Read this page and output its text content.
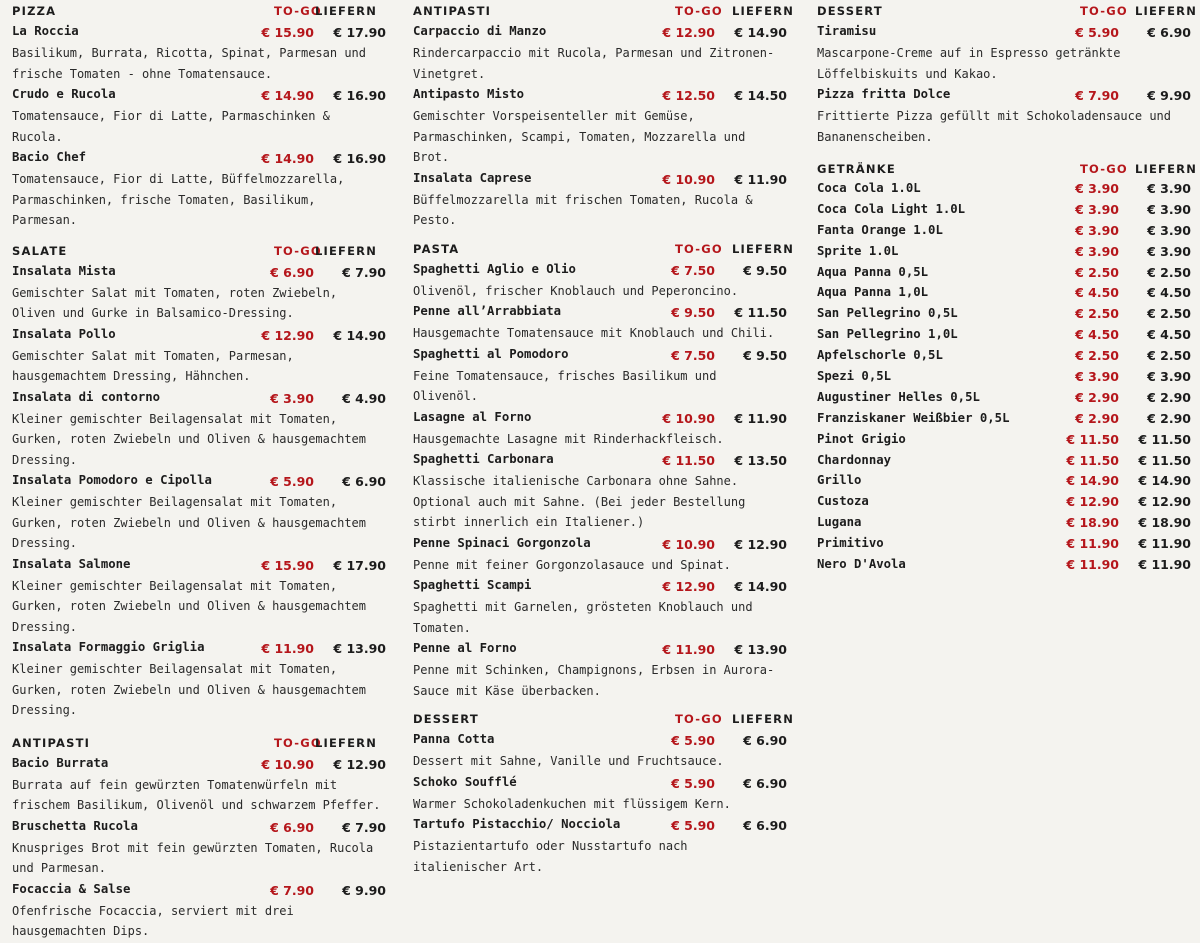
PIZZA	TO-GO
LIEFERN
La Roccia	€ 15.90 € 17.90

Basilikum, Burrata, Ricotta, Spinat, Parmesan und frische Tomaten - ohne Tomatensauce.

Crudo e Rucola	€ 14.90 € 16.90

Tomatensauce, Fior di Latte, Parmaschinken & Rucola.

Bacio Chef	€ 14.90 € 16.90

Tomatensauce, Fior di Latte, Büffelmozzarella, Parmaschinken, frische Tomaten, Basilikum, Parmesan.

SALATE	TO-GO
LIEFERN
Insalata Mista	€ 6.90 € 7.90

Gemischter Salat mit Tomaten, roten Zwiebeln, Oliven und Gurke in Balsamico-Dressing.

Insalata Pollo	€ 12.90 € 14.90

Gemischter Salat mit Tomaten, Parmesan, hausgemachtem Dressing, Hähnchen.

Insalata di contorno	€ 3.90 € 4.90

Kleiner gemischter Beilagensalat mit Tomaten, Gurken, roten Zwiebeln und Oliven & hausgemachtem Dressing.

Insalata Pomodoro e Cipolla	€ 5.90 € 6.90

Kleiner gemischter Beilagensalat mit Tomaten, Gurken, roten Zwiebeln und Oliven & hausgemachtem Dressing.

Insalata Salmone	€ 15.90 € 17.90

Kleiner gemischter Beilagensalat mit Tomaten, Gurken, roten Zwiebeln und Oliven & hausgemachtem Dressing.

Insalata Formaggio Griglia	€ 11.90 € 13.90

Kleiner gemischter Beilagensalat mit Tomaten, Gurken, roten Zwiebeln und Oliven & hausgemachtem Dressing.

ANTIPASTI	TO-GO
LIEFERN
Bacio Burrata	€ 10.90 € 12.90

Burrata auf fein gewürzten Tomatenwürfeln mit frischem Basilikum, Olivenöl und schwarzem Pfeffer.

Bruschetta Rucola	€ 6.90 € 7.90

Knuspriges Brot mit fein gewürzten Tomaten, Rucola und Parmesan.

Focaccia & Salse	€ 7.90 € 9.90

Ofenfrische Focaccia, serviert mit drei hausgemachten Dips.

ANTIPASTI	TO-GO LIEFERN
Carpaccio di Manzo	€ 12.90 € 14.90

Rindercarpaccio mit Rucola, Parmesan und Zitronen-Vinetgret.

Antipasto Misto	€ 12.50 € 14.50

Gemischter Vorspeisenteller mit Gemüse, Parmaschinken, Scampi, Tomaten, Mozzarella und Brot.

Insalata Caprese	€ 10.90 € 11.90

Büffelmozzarella mit frischen Tomaten, Rucola & Pesto.

PASTA	TO-GO LIEFERN
Spaghetti Aglio e Olio	€ 7.50 € 9.50

Olivenöl, frischer Knoblauch und Peperoncino.

Penne all’Arrabbiata	€ 9.50 € 11.50

Hausgemachte Tomatensauce mit Knoblauch und Chili.

Spaghetti al Pomodoro	€ 7.50 € 9.50

Feine Tomatensauce, frisches Basilikum und Olivenöl.

Lasagne al Forno	€ 10.90 € 11.90

Hausgemachte Lasagne mit Rinderhackfleisch.

Spaghetti Carbonara	€ 11.50 € 13.50

Klassische italienische Carbonara ohne Sahne. Optional auch mit Sahne. (Bei jeder Bestellung stirbt innerlich ein Italiener.)

Penne Spinaci Gorgonzola	€ 10.90 € 12.90

Penne mit feiner Gorgonzolasauce und Spinat.

Spaghetti Scampi	€ 12.90 € 14.90

Spaghetti mit Garnelen, grösteten Knoblauch und Tomaten.

Penne al Forno	€ 11.90 € 13.90

Penne mit Schinken, Champignons, Erbsen in Aurora-Sauce mit Käse überbacken.

DESSERT	TO-GO LIEFERN
Panna Cotta	€ 5.90 € 6.90

Dessert mit Sahne, Vanille und Fruchtsauce.

Schoko Soufflé	€ 5.90 € 6.90

Warmer Schokoladenkuchen mit flüssigem Kern.

Tartufo Pistacchio/ Nocciola	€ 5.90 € 6.90

Pistazientartufo oder Nusstartufo nach italienischer Art.

DESSERT	TO-GO LIEFERN
Tiramisu	€ 5.90 € 6.90

Mascarpone-Creme auf in Espresso getränkte Löffelbiskuits und Kakao.

Pizza fritta Dolce	€ 7.90 € 9.90

Frittierte Pizza gefüllt mit Schokoladensauce und Bananenscheiben.

GETRÄNKE	TO-GO LIEFERN
Coca Cola 1.0L	€ 3.90 € 3.90
Coca Cola Light 1.0L	€ 3.90 € 3.90
Fanta Orange 1.0L	€ 3.90 € 3.90
Sprite 1.0L	€ 3.90 € 3.90
Aqua Panna 0,5L	€ 2.50 € 2.50
Aqua Panna 1,0L	€ 4.50 € 4.50
San Pellegrino 0,5L	€ 2.50 € 2.50
San Pellegrino 1,0L	€ 4.50 € 4.50
Apfelschorle 0,5L	€ 2.50 € 2.50
Spezi 0,5L	€ 3.90 € 3.90
Augustiner Helles 0,5L	€ 2.90 € 2.90
Franziskaner Weißbier 0,5L	€ 2.90 € 2.90
Pinot Grigio	€ 11.50 € 11.50
Chardonnay	€ 11.50 € 11.50
Grillo	€ 14.90 € 14.90
Custoza	€ 12.90 € 12.90
Lugana	€ 18.90 € 18.90
Primitivo	€ 11.90 € 11.90
Nero D'Avola	€ 11.90 € 11.90
